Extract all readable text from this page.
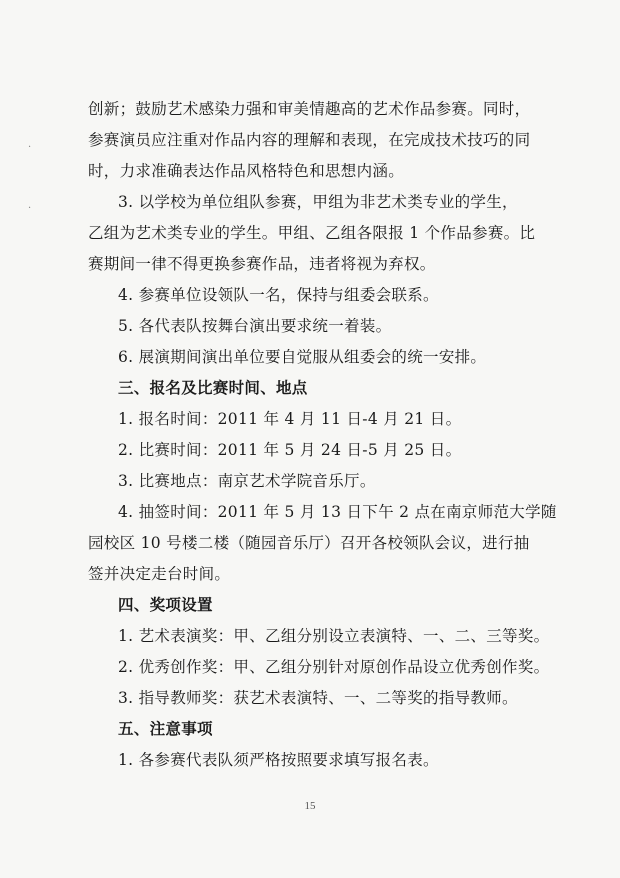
·
·
创新；鼓励艺术感染力强和审美情趣高的艺术作品参赛。同时，
参赛演员应注重对作品内容的理解和表现，在完成技术技巧的同
时，力求准确表达作品风格特色和思想内涵。
3. 以学校为单位组队参赛，甲组为非艺术类专业的学生，
乙组为艺术类专业的学生。甲组、乙组各限报 1 个作品参赛。比
赛期间一律不得更换参赛作品，违者将视为弃权。
4. 参赛单位设领队一名，保持与组委会联系。
5. 各代表队按舞台演出要求统一着装。
6. 展演期间演出单位要自觉服从组委会的统一安排。
三、报名及比赛时间、地点
1. 报名时间：2011 年 4 月 11 日-4 月 21 日。
2. 比赛时间：2011 年 5 月 24 日-5 月 25 日。
3. 比赛地点：南京艺术学院音乐厅。
4. 抽签时间：2011 年 5 月 13 日下午 2 点在南京师范大学随
园校区 10 号楼二楼（随园音乐厅）召开各校领队会议，进行抽
签并决定走台时间。
四、奖项设置
1. 艺术表演奖：甲、乙组分别设立表演特、一、二、三等奖。
2. 优秀创作奖：甲、乙组分别针对原创作品设立优秀创作奖。
3. 指导教师奖：获艺术表演特、一、二等奖的指导教师。
五、注意事项
1. 各参赛代表队须严格按照要求填写报名表。
15
